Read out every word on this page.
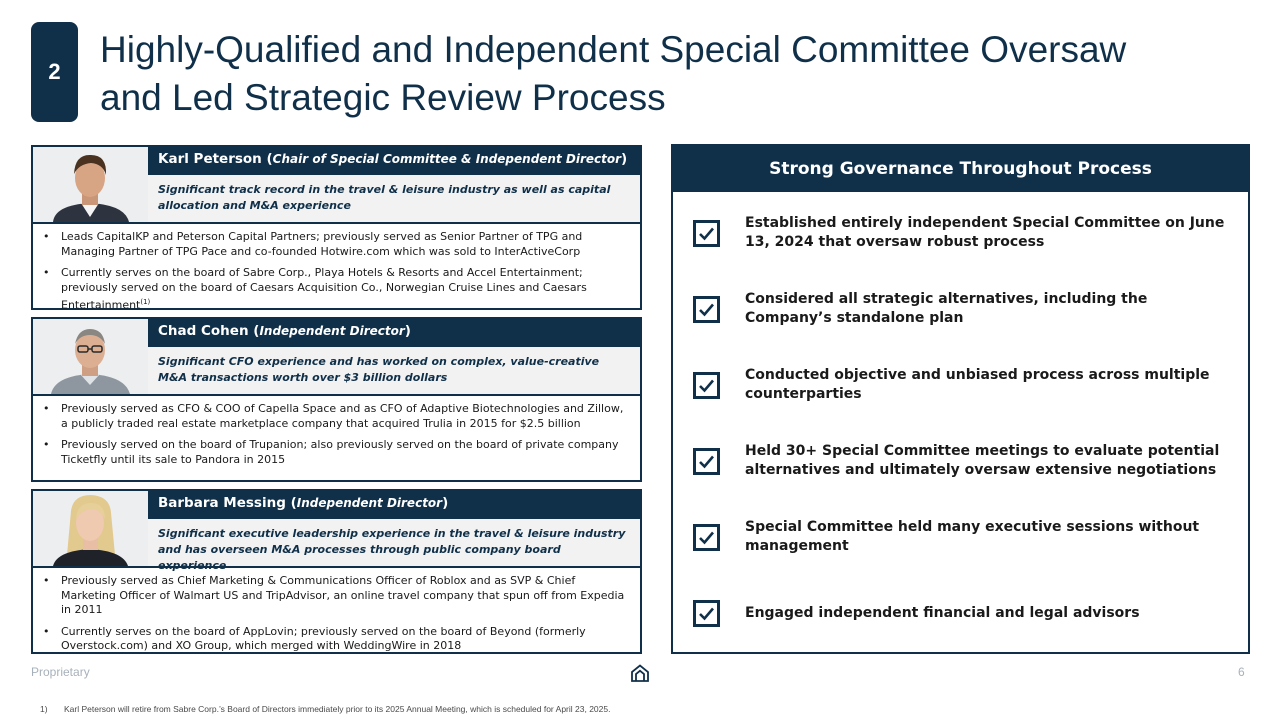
2
Highly-Qualified and Independent Special Committee Oversaw
and Led Strategic Review Process
Karl Peterson (Chair of Special Committee & Independent Director)
Significant track record in the travel & leisure industry as well as capital allocation and M&A experience
• Leads CapitalKP and Peterson Capital Partners; previously served as Senior Partner of TPG and Managing Partner of TPG Pace and co-founded Hotwire.com which was sold to InterActiveCorp
• Currently serves on the board of Sabre Corp., Playa Hotels & Resorts and Accel Entertainment; previously served on the board of Caesars Acquisition Co., Norwegian Cruise Lines and Caesars Entertainment$^{(1)}$
Chad Cohen (Independent Director)
Significant CFO experience and has worked on complex, value-creative M&A transactions worth over $3 billion dollars
• Previously served as CFO & COO of Capella Space and as CFO of Adaptive Biotechnologies and Zillow, a publicly traded real estate marketplace company that acquired Trulia in 2015 for $2.5 billion
• Previously served on the board of Trupanion; also previously served on the board of private company Ticketfly until its sale to Pandora in 2015
Barbara Messing (Independent Director)
Significant executive leadership experience in the travel & leisure industry and has overseen M&A processes through public company board experience
• Previously served as Chief Marketing & Communications Officer of Roblox and as SVP & Chief Marketing Officer of Walmart US and TripAdvisor, an online travel company that spun off from Expedia in 2011
• Currently serves on the board of AppLovin; previously served on the board of Beyond (formerly Overstock.com) and XO Group, which merged with WeddingWire in 2018
Strong Governance Throughout Process
Established entirely independent Special Committee on June 13, 2024 that oversaw robust process
Considered all strategic alternatives, including the Company’s standalone plan
Conducted objective and unbiased process across multiple counterparties
Held 30+ Special Committee meetings to evaluate potential alternatives and ultimately oversaw extensive negotiations
Special Committee held many executive sessions without management
Engaged independent financial and legal advisors
Proprietary	6
1) Karl Peterson will retire from Sabre Corp.’s Board of Directors immediately prior to its 2025 Annual Meeting, which is scheduled for April 23, 2025.
